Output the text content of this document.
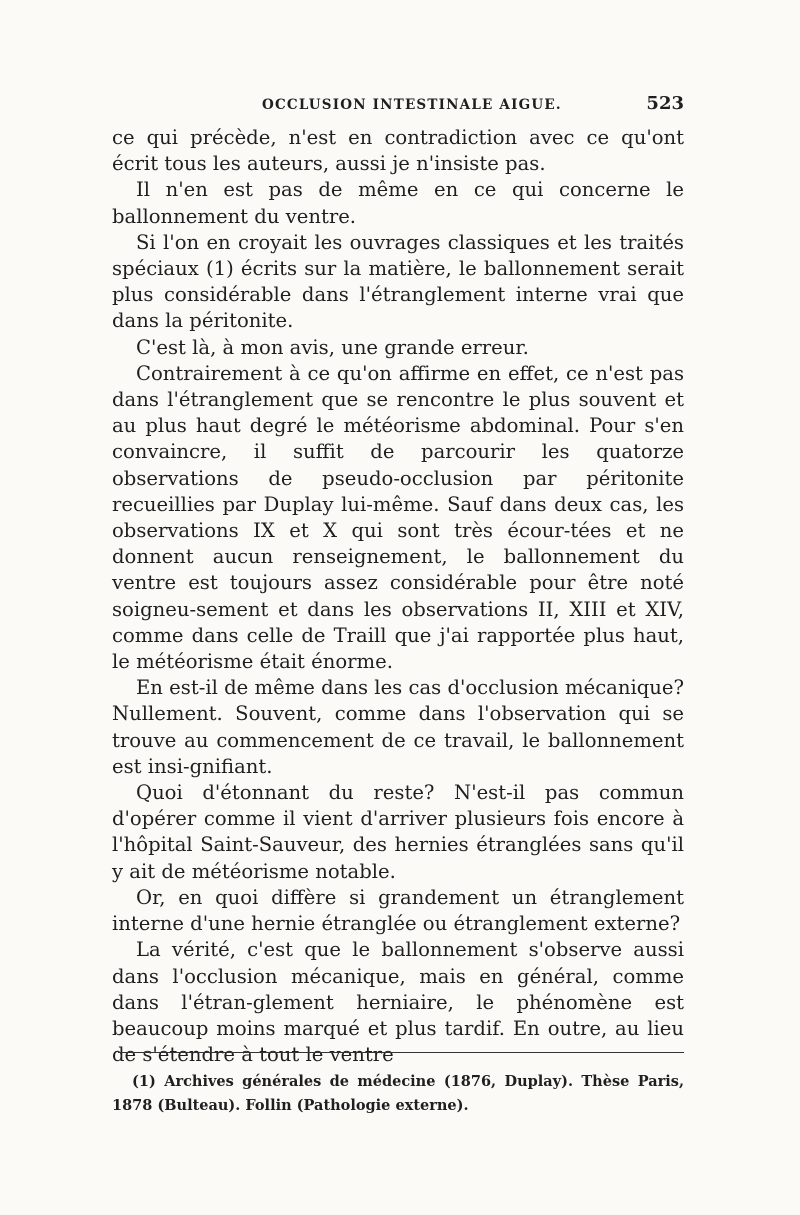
OCCLUSION INTESTINALE AIGUE.	523

ce qui précède, n'est en contradiction avec ce qu'ont écrit tous les auteurs, aussi je n'insiste pas.

Il n'en est pas de même en ce qui concerne le ballonnement du ventre.

Si l'on en croyait les ouvrages classiques et les traités spéciaux (1) écrits sur la matière, le ballonnement serait plus considérable dans l'étranglement interne vrai que dans la péritonite.

C'est là, à mon avis, une grande erreur.

Contrairement à ce qu'on affirme en effet, ce n'est pas dans l'étranglement que se rencontre le plus souvent et au plus haut degré le météorisme abdominal. Pour s'en convaincre, il suffit de parcourir les quatorze observations de pseudo-occlusion par péritonite recueillies par Duplay lui-même. Sauf dans deux cas, les observations IX et X qui sont très écour-tées et ne donnent aucun renseignement, le ballonnement du ventre est toujours assez considérable pour être noté soigneu-sement et dans les observations II, XIII et XIV, comme dans celle de Traill que j'ai rapportée plus haut, le météorisme était énorme.

En est-il de même dans les cas d'occlusion mécanique? Nullement. Souvent, comme dans l'observation qui se trouve au commencement de ce travail, le ballonnement est insi-gnifiant.

Quoi d'étonnant du reste? N'est-il pas commun d'opérer comme il vient d'arriver plusieurs fois encore à l'hôpital Saint-Sauveur, des hernies étranglées sans qu'il y ait de météorisme notable.

Or, en quoi diffère si grandement un étranglement interne d'une hernie étranglée ou étranglement externe?

La vérité, c'est que le ballonnement s'observe aussi dans l'occlusion mécanique, mais en général, comme dans l'étran-glement herniaire, le phénomène est beaucoup moins marqué et plus tardif. En outre, au lieu de s'étendre à tout le ventre

(1) Archives générales de médecine (1876, Duplay). Thèse Paris, 1878 (Bulteau). Follin (Pathologie externe).
